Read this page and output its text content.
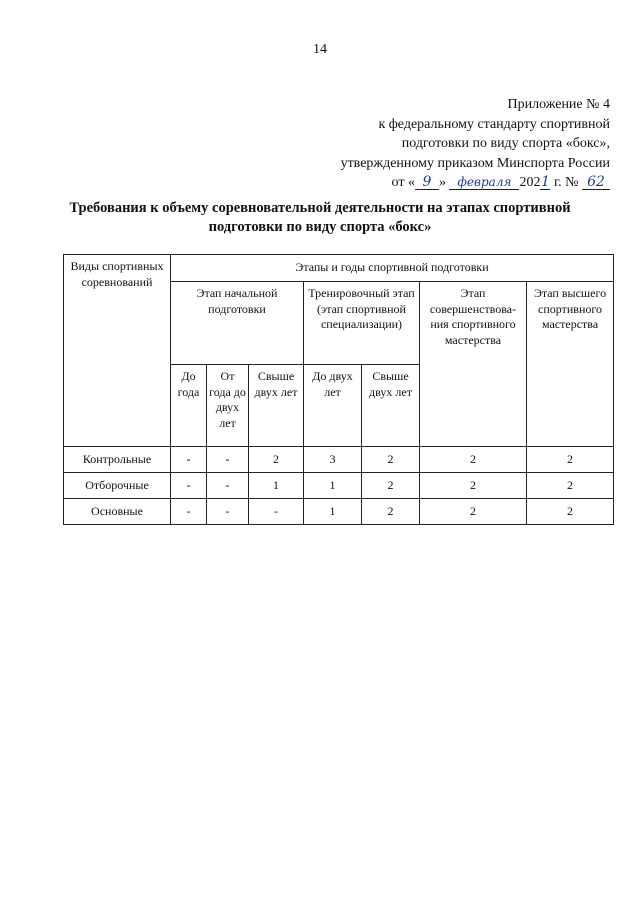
14
Приложение № 4
к федеральному стандарту спортивной
подготовки по виду спорта «бокс»,
утвержденному приказом Минспорта России
от « 9 » февраля 2021 г. № 62
Требования к объему соревновательной деятельности на этапах спортивной подготовки по виду спорта «бокс»
Виды спортивных соревнований	Этапы и годы спортивной подготовки						
	Этап начальной подготовки			Тренировочный этап (этап спортивной специализации)		Этап совершенствова-ния спортивного мастерства	Этап высшего спортивного мастерства
	До года	От года до двух лет	Свыше двух лет	До двух лет	Свыше двух лет		
Контрольные	-	-	2	3	2	2	2
Отборочные	-	-	1	1	2	2	2
Основные	-	-	-	1	2	2	2
